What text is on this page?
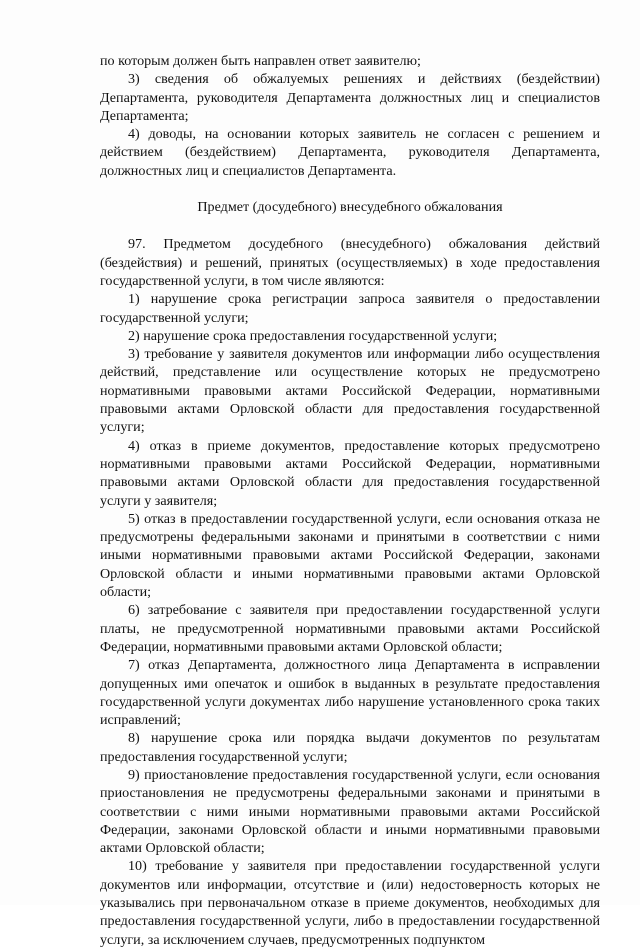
по которым должен быть направлен ответ заявителю;

3) сведения об обжалуемых решениях и действиях (бездействии) Департамента, руководителя Департамента должностных лиц и специалистов Департамента;

4) доводы, на основании которых заявитель не согласен с решением и действием (бездействием) Департамента, руководителя Департамента, должностных лиц и специалистов Департамента.

Предмет (досудебного) внесудебного обжалования

97. Предметом досудебного (внесудебного) обжалования действий (бездействия) и решений, принятых (осуществляемых) в ходе предоставления государственной услуги, в том числе являются:

1) нарушение срока регистрации запроса заявителя о предоставлении государственной услуги;

2) нарушение срока предоставления государственной услуги;

3) требование у заявителя документов или информации либо осуществления действий, представление или осуществление которых не предусмотрено нормативными правовыми актами Российской Федерации, нормативными правовыми актами Орловской области для предоставления государственной услуги;

4) отказ в приеме документов, предоставление которых предусмотрено нормативными правовыми актами Российской Федерации, нормативными правовыми актами Орловской области для предоставления государственной услуги у заявителя;

5) отказ в предоставлении государственной услуги, если основания отказа не предусмотрены федеральными законами и принятыми в соответствии с ними иными нормативными правовыми актами Российской Федерации, законами Орловской области и иными нормативными правовыми актами Орловской области;

6) затребование с заявителя при предоставлении государственной услуги платы, не предусмотренной нормативными правовыми актами Российской Федерации, нормативными правовыми актами Орловской области;

7) отказ Департамента, должностного лица Департамента в исправлении допущенных ими опечаток и ошибок в выданных в результате предоставления государственной услуги документах либо нарушение установленного срока таких исправлений;

8) нарушение срока или порядка выдачи документов по результатам предоставления государственной услуги;

9) приостановление предоставления государственной услуги, если основания приостановления не предусмотрены федеральными законами и принятыми в соответствии с ними иными нормативными правовыми актами Российской Федерации, законами Орловской области и иными нормативными правовыми актами Орловской области;

10) требование у заявителя при предоставлении государственной услуги документов или информации, отсутствие и (или) недостоверность которых не указывались при первоначальном отказе в приеме документов, необходимых для предоставления государственной услуги, либо в предоставлении государственной услуги, за исключением случаев, предусмотренных подпунктом
